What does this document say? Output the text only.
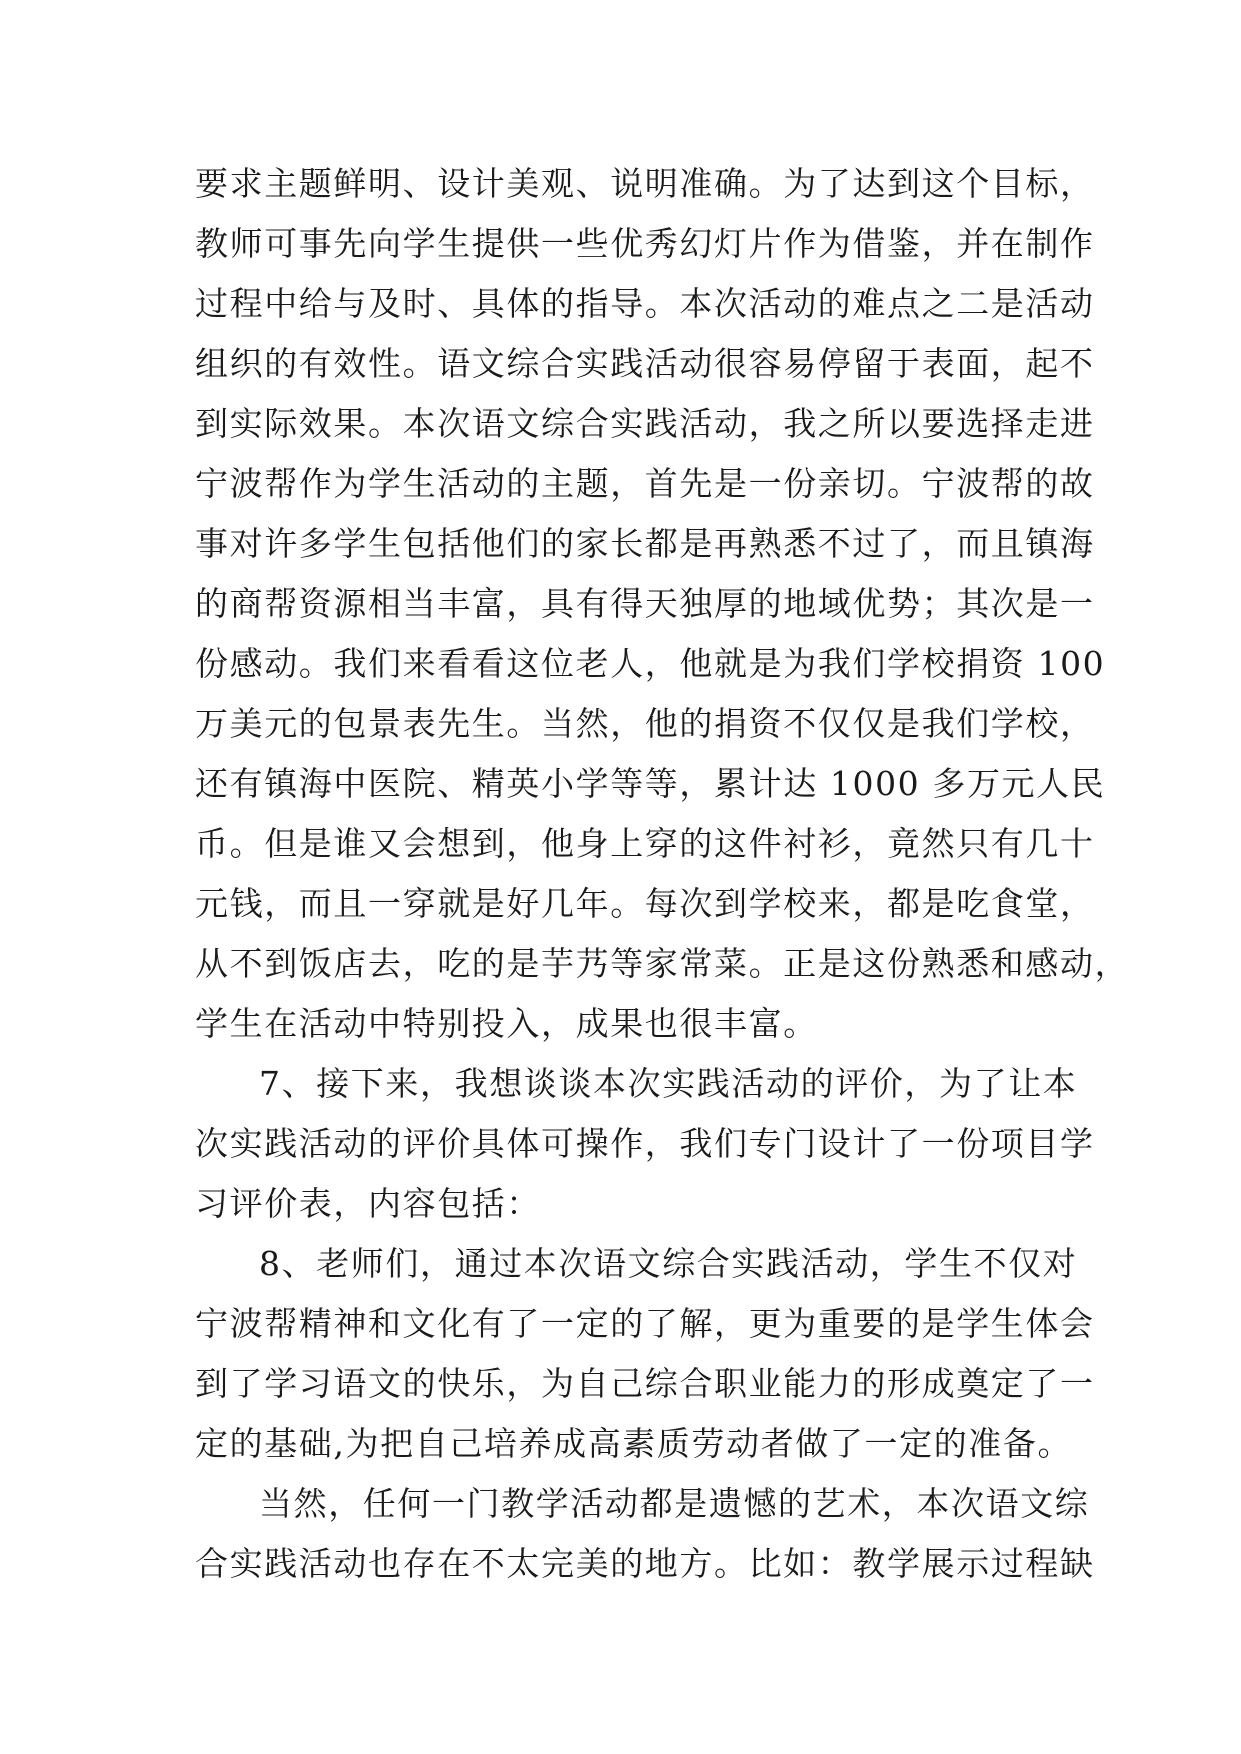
要求主题鲜明、设计美观、说明准确。为了达到这个目标，
教师可事先向学生提供一些优秀幻灯片作为借鉴，并在制作
过程中给与及时、具体的指导。本次活动的难点之二是活动
组织的有效性。语文综合实践活动很容易停留于表面，起不
到实际效果。本次语文综合实践活动，我之所以要选择走进
宁波帮作为学生活动的主题，首先是一份亲切。宁波帮的故
事对许多学生包括他们的家长都是再熟悉不过了，而且镇海
的商帮资源相当丰富，具有得天独厚的地域优势；其次是一
份感动。我们来看看这位老人，他就是为我们学校捐资 100
万美元的包景表先生。当然，他的捐资不仅仅是我们学校，
还有镇海中医院、精英小学等等，累计达 1000 多万元人民
币。但是谁又会想到，他身上穿的这件衬衫，竟然只有几十
元钱，而且一穿就是好几年。每次到学校来，都是吃食堂，
从不到饭店去，吃的是芋艿等家常菜。正是这份熟悉和感动，
学生在活动中特别投入，成果也很丰富。
7、接下来，我想谈谈本次实践活动的评价，为了让本
次实践活动的评价具体可操作，我们专门设计了一份项目学
习评价表，内容包括：
8、老师们，通过本次语文综合实践活动，学生不仅对
宁波帮精神和文化有了一定的了解，更为重要的是学生体会
到了学习语文的快乐，为自己综合职业能力的形成奠定了一
定的基础,为把自己培养成高素质劳动者做了一定的准备。
当然，任何一门教学活动都是遗憾的艺术，本次语文综
合实践活动也存在不太完美的地方。比如：教学展示过程缺
